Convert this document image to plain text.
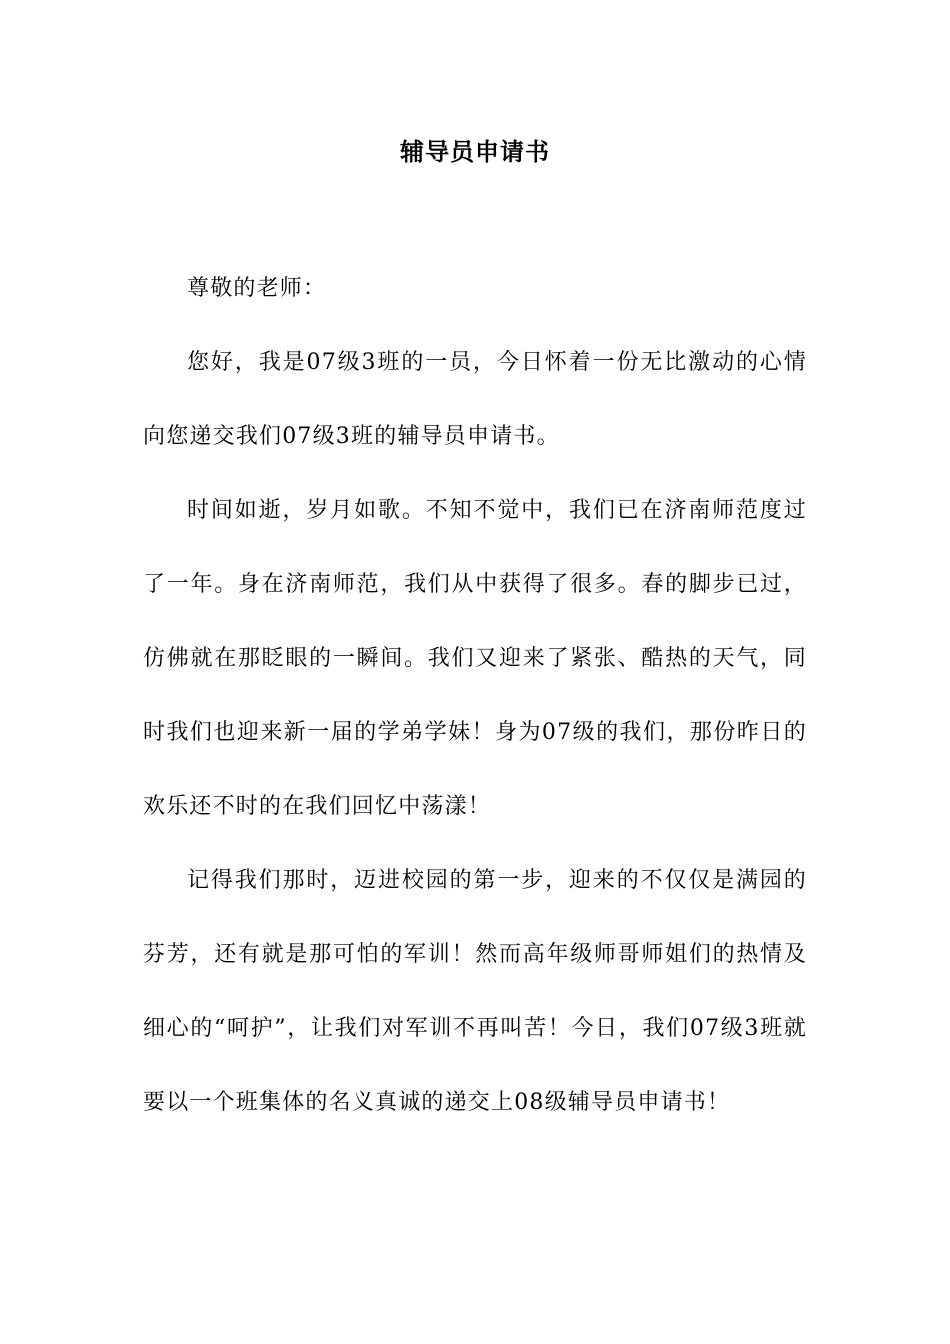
辅导员申请书

尊敬的老师：

您好，我是07级3班的一员，今日怀着一份无比激动的心情向您递交我们07级3班的辅导员申请书。

时间如逝，岁月如歌。不知不觉中，我们已在济南师范度过了一年。身在济南师范，我们从中获得了很多。春的脚步已过，仿佛就在那眨眼的一瞬间。我们又迎来了紧张、酷热的天气，同时我们也迎来新一届的学弟学妹！身为07级的我们，那份昨日的欢乐还不时的在我们回忆中荡漾！

记得我们那时，迈进校园的第一步，迎来的不仅仅是满园的芬芳，还有就是那可怕的军训！然而高年级师哥师姐们的热情及细心的“呵护”，让我们对军训不再叫苦！今日，我们07级3班就要以一个班集体的名义真诚的递交上08级辅导员申请书！
